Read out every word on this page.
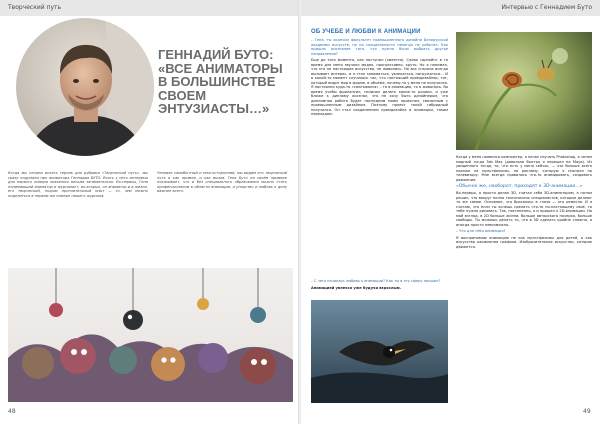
Творческий путь
ГЕННАДИЙ БУТО: «ВСЕ АНИМАТОРЫ В БОЛЬШИНСТВЕ СВОЕМ ЭНТУЗИАСТЫ…»

Когда мы начали искать героев для рубрики «Творческий путь», мы сразу подумали про аниматора Геннадия БУТО. Взять у него интервью для первого номера оказалось весьма занимательно. Во-первых, Гена понимающий аниматор и журналист, во-вторых, он аниматор и в жизни, его творческий, подчас пронзительный опыт — то, чем можно поделиться в первом же номере нашего журнала.

Человек самобытный и многосторонний, мы видим его творческий путь и как пример, и как вызов. Гена Буто на своём примере показывает, что и без специального образования можно стать профессионалом в области анимации, а упорство и любовь к делу важнее всего.

48
Интервью с Геннадием Буто
ОБ УЧЕБЕ И ЛЮБВИ К АНИМАЦИИ

– Гена, ты окончил факультет промышленного дизайна Белорусской академии искусств, но по специальности никогда не работал. Как пришло осознание того, что нужно было выбрать другое направление?

Еще до того момента, как поступил (смеется). Слово «дизайн» в то время для меня звучало модно, прогрессивно, круто. Но я понимал, что это не настоящее искусство, не живопись. Но все сначала всегда вызывает интерес, и я стал заниматься, увлекаться, погружаться… И в какой-то момент случилось так, что настоящий промдизайнер, тот, который видит мир в форме, в объёме, почему-то у меня не получился. Я постоянно куда-то «сматывался» – то в анимацию, то в живопись. Во время учебы фрилансил, начинал делать какие-то ролики, и уже ближе к диплому осознал, что не хочу быть дизайнером, что дипломная работа будет последним моим проектом, связанным с промышленным дизайном. Поэтому проект такой гибридный получился. Он стал соединением промдизайна и анимации, таким переходом.

– С чего началась любовь к анимации? Как ты в эту сферу пришел?

Анимацией увлекся уже будучи взрослым.

Когда у меня появился компьютер, я начал изучать Photoshop, а затем модный тогда 3ds Max (довольно быстро я перешел на Maya). Из увиденного тогда, то, что есть у меня сейчас, — это больше всего похоже на мультфильмы, на рекламу, которую я смотрел по телевизору. Мне всегда нравилось что-то анимировать, создавать движение.

«Обычно же, наоборот, приходят к 3D-анимации...»

Во-первых, я просто делал 3D, считал себя 3D-аниматором, а потом решил, что вокруг полно технических специалистов, которые делают то же самое. Основное, что бросалось в глаза — это ремесло. И я считаю, что если ты хочешь сделать что-то по-настоящему своё, то тебе нужно рисовать. Так, постепенно, я и пришел к 2D-анимации. На мой взгляд, в 2D больше жизни, больше авторского почерка, больше свободы. Ты можешь делать то, что в 3D сделать крайне сложно, а иногда просто невозможно.

– Что для тебя анимация?

Я воспринимаю анимацию не как мультфильмы для детей, а как искусство оживления графики. Изобразительное искусство, которое движется.

49
